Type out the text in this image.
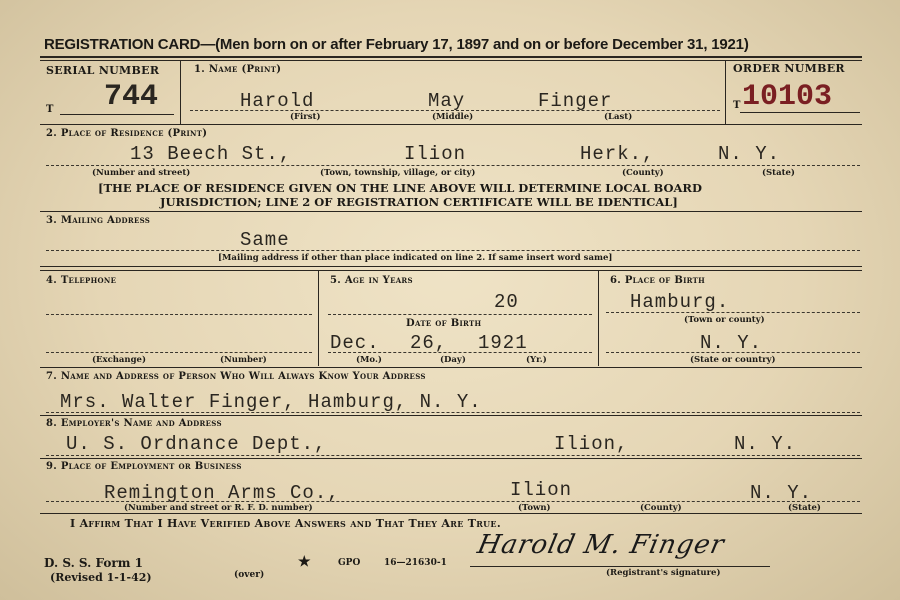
REGISTRATION CARD—(Men born on or after February 17, 1897 and on or before December 31, 1921)
SERIAL NUMBER
T 744
1. Name (Print)
Harold	May	Finger
(First)	(Middle)	(Last)
ORDER NUMBER
T 10103
2. Place of Residence (Print)
13 Beech St.,	Ilion	Herk.,	N. Y.
(Number and street)	(Town, township, village, or city)	(County)	(State)
[THE PLACE OF RESIDENCE GIVEN ON THE LINE ABOVE WILL DETERMINE LOCAL BOARD
JURISDICTION; LINE 2 OF REGISTRATION CERTIFICATE WILL BE IDENTICAL]
3. Mailing Address
Same
[Mailing address if other than place indicated on line 2. If same insert word same]
4. Telephone
(Exchange)	(Number)
5. Age in Years
20
Date of Birth
Dec. 26, 1921
(Mo.)	(Day)	(Yr.)
6. Place of Birth
Hamburg.
(Town or county)
N. Y.
(State or country)
7. Name and Address of Person Who Will Always Know Your Address
Mrs. Walter Finger, Hamburg, N. Y.
8. Employer's Name and Address
U. S. Ordnance Dept.,	Ilion,	N. Y.
9. Place of Employment or Business
Remington Arms Co.,	Ilion	N. Y.
(Number and street or R. F. D. number)	(Town)	(County)	(State)
I Affirm That I Have Verified Above Answers and That They Are True.
D. S. S. Form 1
(Revised 1-1-42)	(over)
★	GPO	16—21630-1
Harold M. Finger
(Registrant's signature)
